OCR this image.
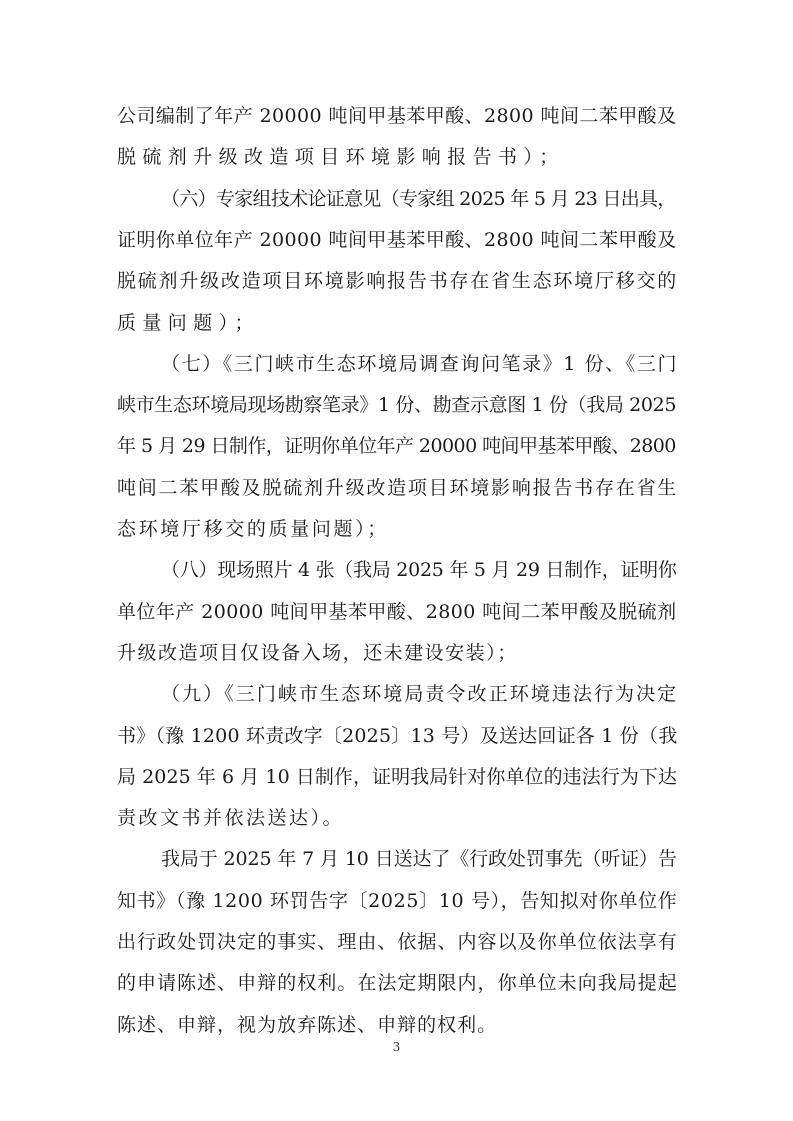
公司编制了年产 20000 吨间甲基苯甲酸、2800 吨间二苯甲酸及
脱硫剂升级改造项目环境影响报告书）；
（六）专家组技术论证意见（专家组 2025 年 5 月 23 日出具，
证明你单位年产 20000 吨间甲基苯甲酸、2800 吨间二苯甲酸及
脱硫剂升级改造项目环境影响报告书存在省生态环境厅移交的
质量问题）；
（七）《三门峡市生态环境局调查询问笔录》1 份、《三门
峡市生态环境局现场勘察笔录》1 份、勘查示意图 1 份（我局 2025
年 5 月 29 日制作，证明你单位年产 20000 吨间甲基苯甲酸、2800
吨间二苯甲酸及脱硫剂升级改造项目环境影响报告书存在省生
态环境厅移交的质量问题）；
（八）现场照片 4 张（我局 2025 年 5 月 29 日制作，证明你
单位年产 20000 吨间甲基苯甲酸、2800 吨间二苯甲酸及脱硫剂
升级改造项目仅设备入场，还未建设安装）；
（九）《三门峡市生态环境局责令改正环境违法行为决定
书》（豫 1200 环责改字〔2025〕13 号）及送达回证各 1 份（我
局 2025 年 6 月 10 日制作，证明我局针对你单位的违法行为下达
责改文书并依法送达）。
我局于 2025 年 7 月 10 日送达了《行政处罚事先（听证）告
知书》（豫 1200 环罚告字〔2025〕10 号），告知拟对你单位作
出行政处罚决定的事实、理由、依据、内容以及你单位依法享有
的申请陈述、申辩的权利。在法定期限内，你单位未向我局提起
陈述、申辩，视为放弃陈述、申辩的权利。
3
